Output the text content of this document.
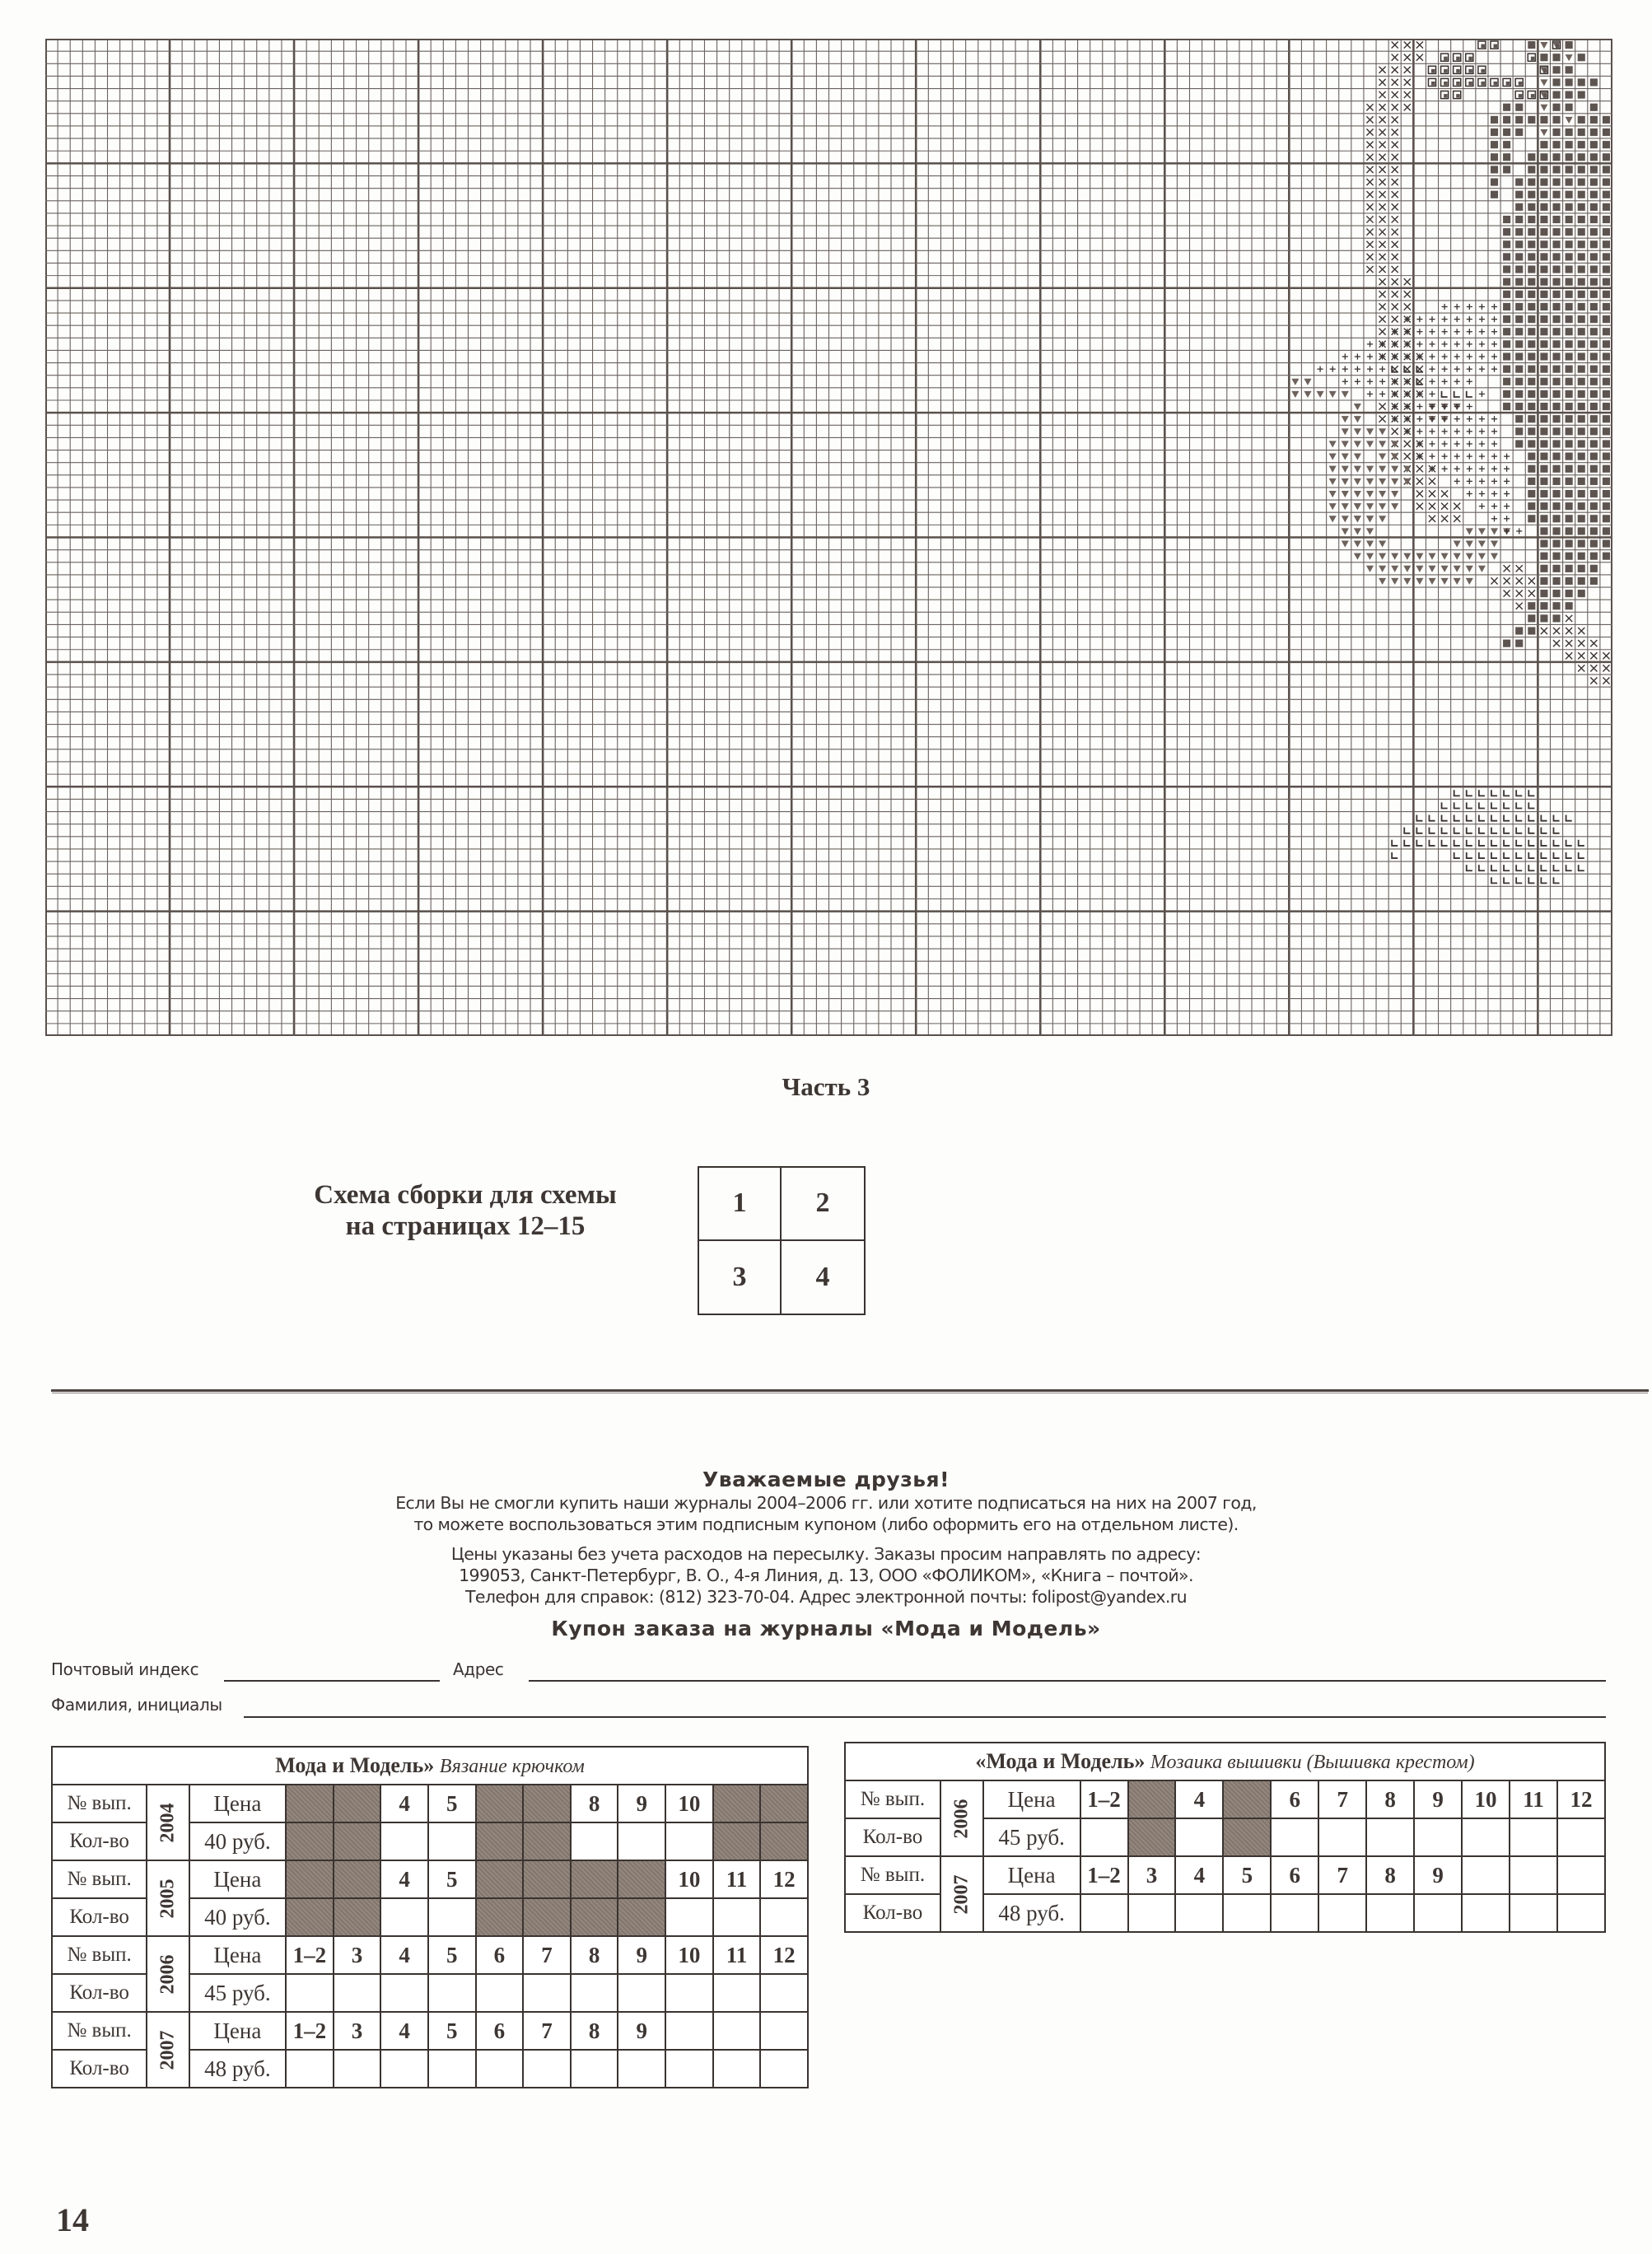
Часть 3
Схема сборки для схемы
на страницах 12–15
1	2
3	4
Уважаемые друзья!
Если Вы не смогли купить наши журналы 2004–2006 гг. или хотите подписаться на них на 2007 год,
то можете воспользоваться этим подписным купоном (либо оформить его на отдельном листе).
Цены указаны без учета расходов на пересылку. Заказы просим направлять по адресу:
199053, Санкт-Петербург, В. О., 4-я Линия, д. 13, ООО «ФОЛИКОМ», «Книга – почтой».
Телефон для справок: (812) 323-70-04. Адрес электронной почты: folipost@yandex.ru
Купон заказа на журналы «Мода и Модель»
Почтовый индекс	Адрес
Фамилия, инициалы
Мода и Модель» Вязание крючком													
№ вып.	2004	Цена			4	5			8	9	10		
Кол-во		40 руб.											
№ вып.	2005	Цена			4	5					10	11	12
Кол-во		40 руб.											
№ вып.	2006	Цена	1–2	3	4	5	6	7	8	9	10	11	12
Кол-во		45 руб.											
№ вып.	2007	Цена	1–2	3	4	5	6	7	8	9			
Кол-во		48 руб.											
«Мода и Модель» Мозаика вышивки (Вышивка крестом)													
№ вып.	2006	Цена	1–2		4		6	7	8	9	10	11	12
Кол-во		45 руб.											
№ вып.	2007	Цена	1–2	3	4	5	6	7	8	9			
Кол-во		48 руб.											
14
